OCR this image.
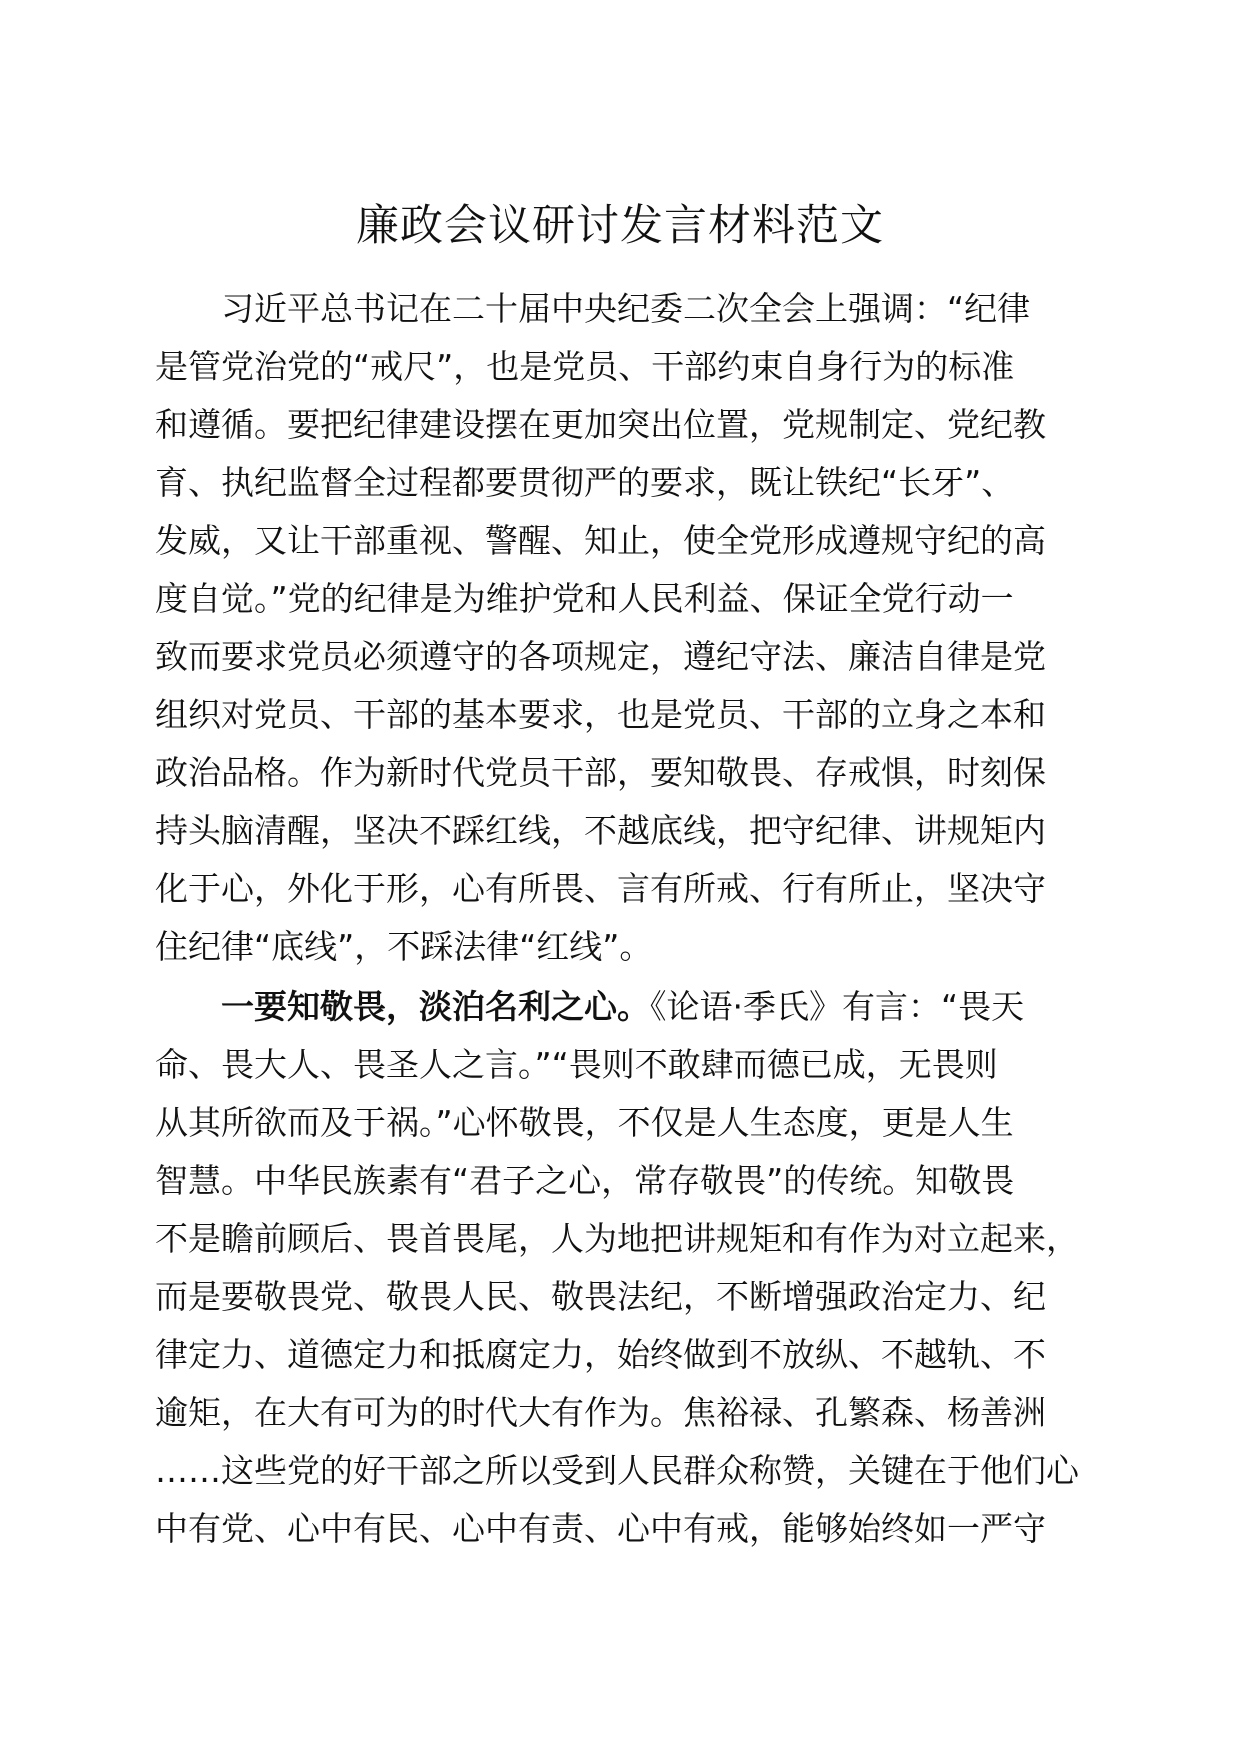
廉政会议研讨发言材料范文
习近平总书记在二十届中央纪委二次全会上强调：“纪律
是管党治党的“戒尺”，也是党员、干部约束自身行为的标准
和遵循。要把纪律建设摆在更加突出位置，党规制定、党纪教
育、执纪监督全过程都要贯彻严的要求，既让铁纪“长牙”、
发威，又让干部重视、警醒、知止，使全党形成遵规守纪的高
度自觉。”党的纪律是为维护党和人民利益、保证全党行动一
致而要求党员必须遵守的各项规定，遵纪守法、廉洁自律是党
组织对党员、干部的基本要求，也是党员、干部的立身之本和
政治品格。作为新时代党员干部，要知敬畏、存戒惧，时刻保
持头脑清醒，坚决不踩红线，不越底线，把守纪律、讲规矩内
化于心，外化于形，心有所畏、言有所戒、行有所止，坚决守
住纪律“底线”，不踩法律“红线”。
一要知敬畏，淡泊名利之心。《论语·季氏》有言：“畏天
命、畏大人、畏圣人之言。”“畏则不敢肆而德已成，无畏则
从其所欲而及于祸。”心怀敬畏，不仅是人生态度，更是人生
智慧。中华民族素有“君子之心，常存敬畏”的传统。知敬畏
不是瞻前顾后、畏首畏尾，人为地把讲规矩和有作为对立起来，
而是要敬畏党、敬畏人民、敬畏法纪，不断增强政治定力、纪
律定力、道德定力和抵腐定力，始终做到不放纵、不越轨、不
逾矩，在大有可为的时代大有作为。焦裕禄、孔繁森、杨善洲
……这些党的好干部之所以受到人民群众称赞，关键在于他们心
中有党、心中有民、心中有责、心中有戒，能够始终如一严守
